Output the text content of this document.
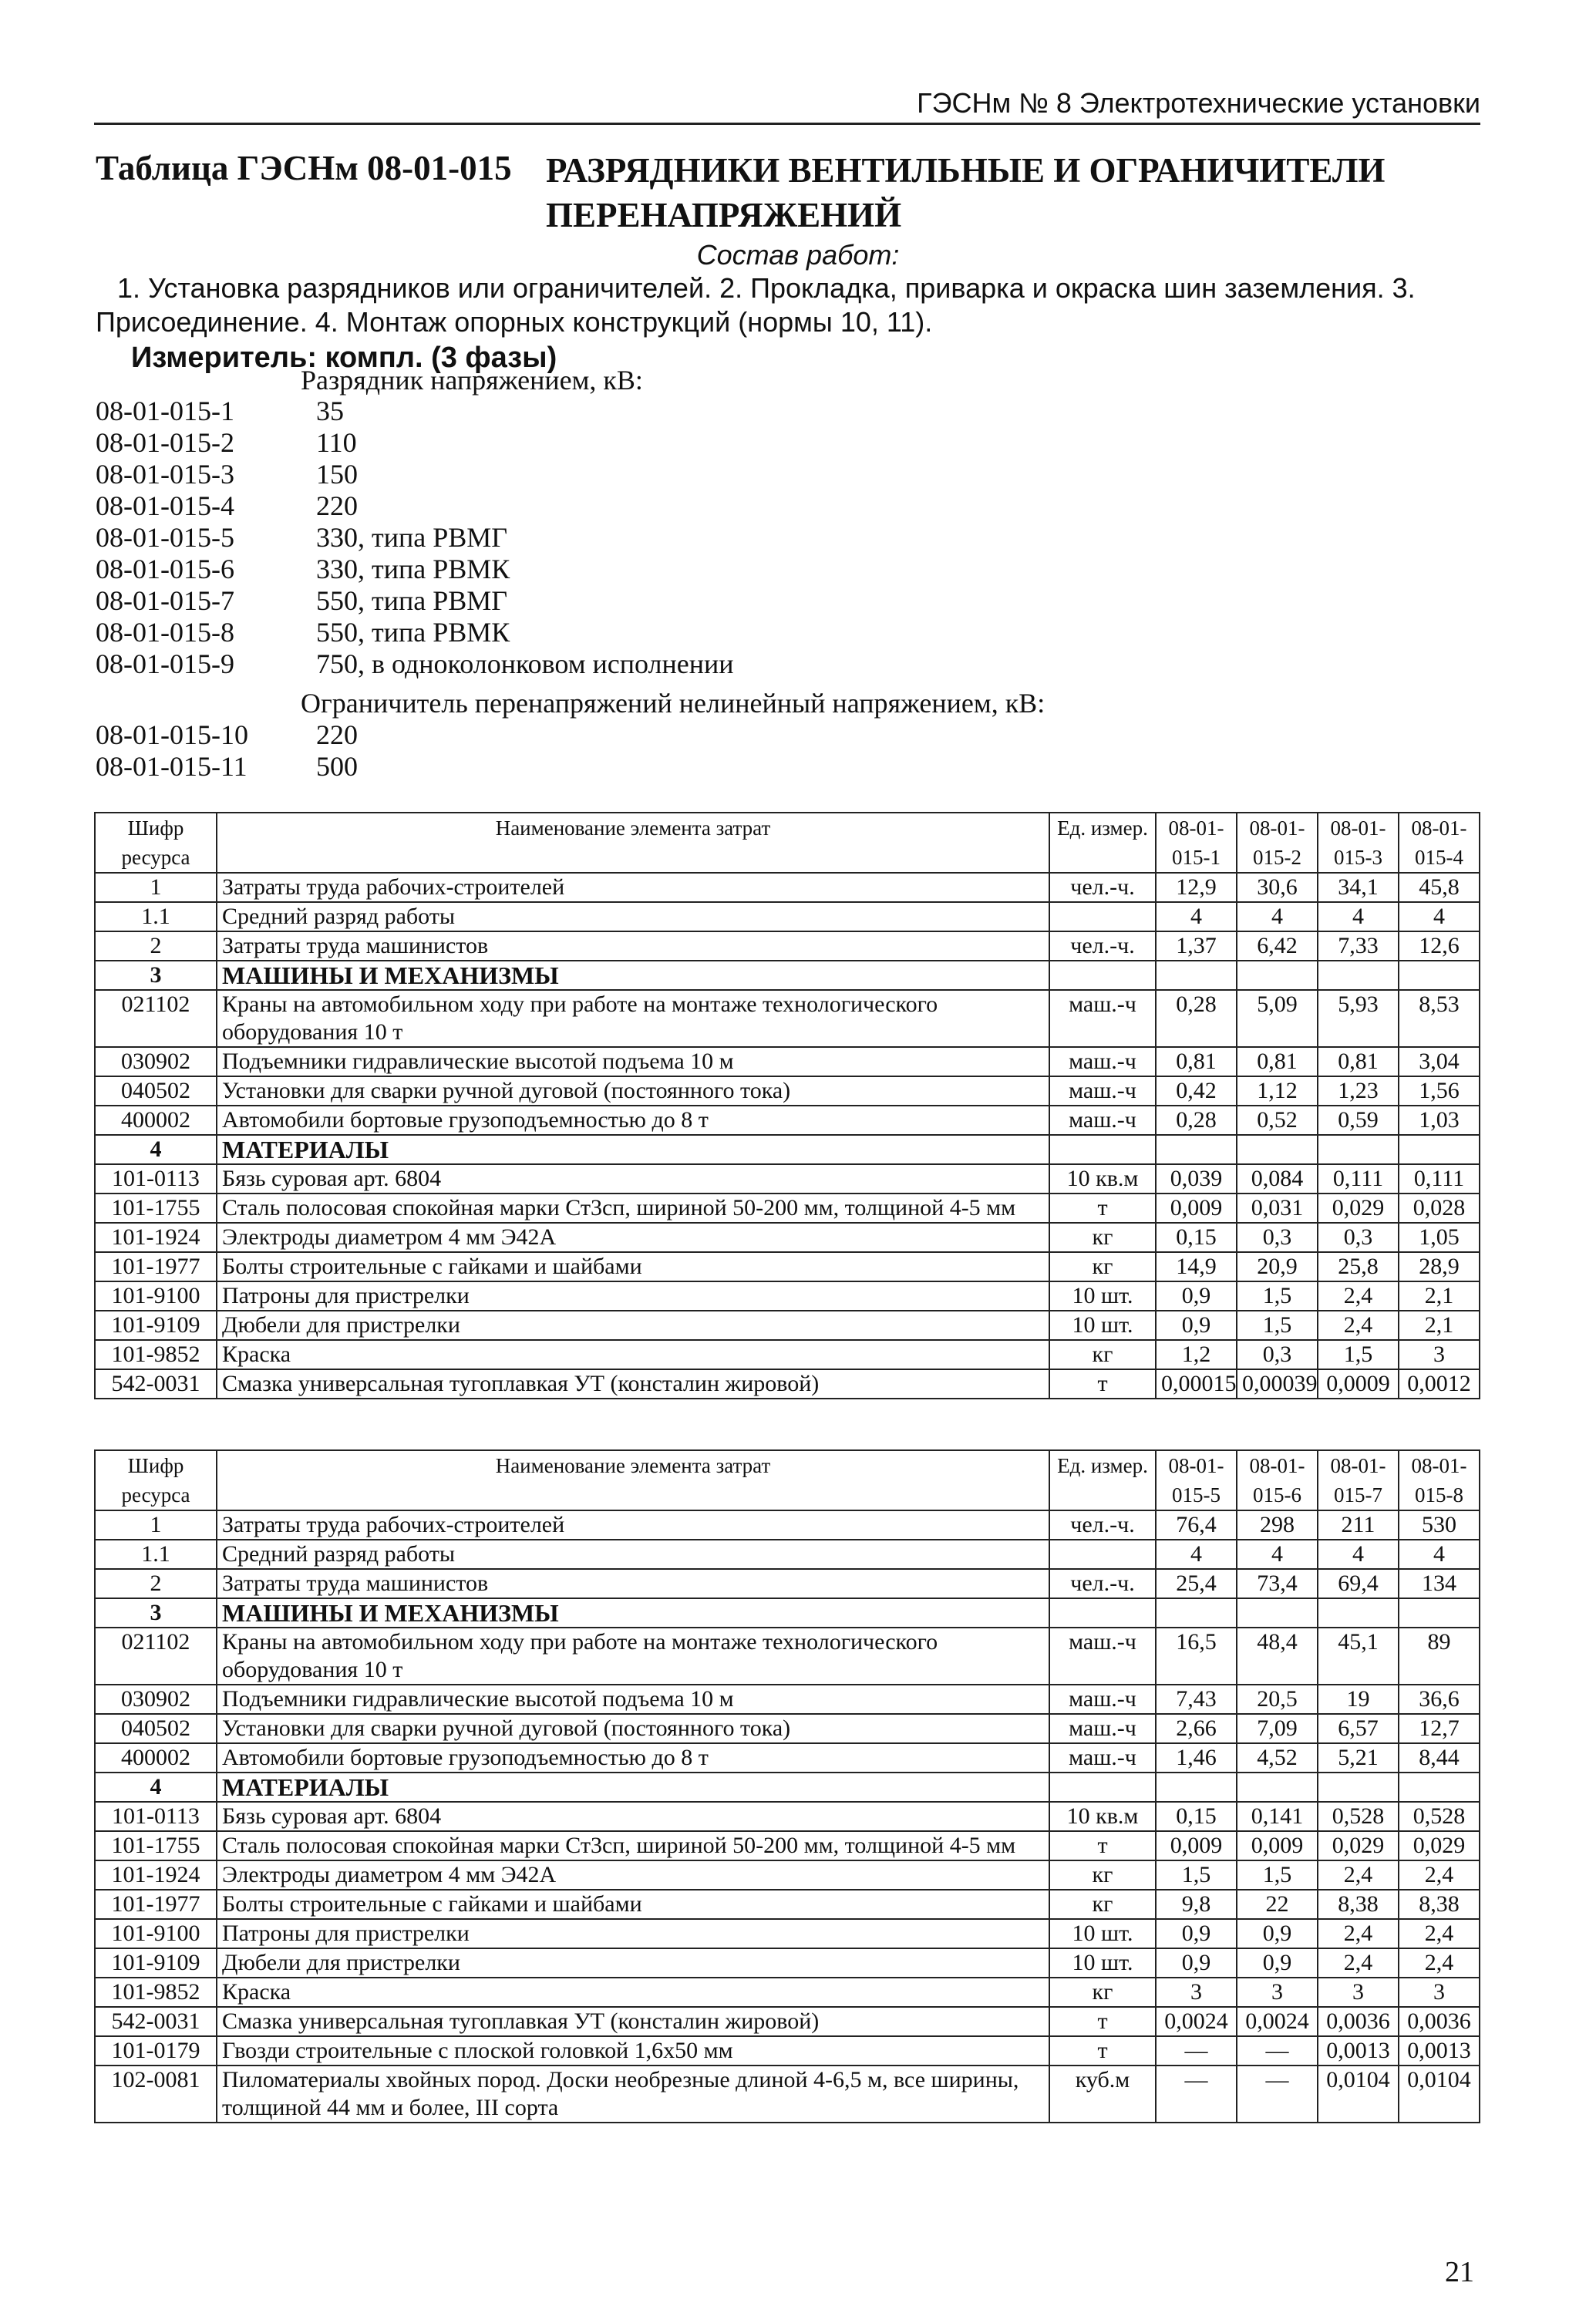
ГЭСНм № 8 Электротехнические установки
Таблица ГЭСНм 08-01-015 РАЗРЯДНИКИ ВЕНТИЛЬНЫЕ И ОГРАНИЧИТЕЛИ ПЕРЕНАПРЯЖЕНИЙ
Состав работ:
1. Установка разрядников или ограничителей. 2. Прокладка, приварка и окраска шин заземления. 3. Присоединение. 4. Монтаж опорных конструкций (нормы 10, 11).
Измеритель: компл. (3 фазы)
Разрядник напряжением, кВ:
08-01-015-1	35
08-01-015-2	110
08-01-015-3	150
08-01-015-4	220
08-01-015-5	330, типа РВМГ
08-01-015-6	330, типа РВМК
08-01-015-7	550, типа РВМГ
08-01-015-8	550, типа РВМК
08-01-015-9	750, в одноколонковом исполнении
Ограничитель перенапряжений нелинейный напряжением, кВ:
08-01-015-10 220
08-01-015-11 500
Шифр ресурса	Наименование элемента затрат	Ед. измер.	08-01-015-1	08-01-015-2	08-01-015-3	08-01-015-4
1	Затраты труда рабочих-строителей	чел.-ч.	12,9	30,6	34,1	45,8
1.1	Средний разряд работы		4	4	4	4
2	Затраты труда машинистов	чел.-ч.	1,37	6,42	7,33	12,6
3	МАШИНЫ И МЕХАНИЗМЫ					
021102	Краны на автомобильном ходу при работе на монтаже технологического оборудования 10 т	маш.-ч	0,28	5,09	5,93	8,53
030902	Подъемники гидравлические высотой подъема 10 м	маш.-ч	0,81	0,81	0,81	3,04
040502	Установки для сварки ручной дуговой (постоянного тока)	маш.-ч	0,42	1,12	1,23	1,56
400002	Автомобили бортовые грузоподъемностью до 8 т	маш.-ч	0,28	0,52	0,59	1,03
4	МАТЕРИАЛЫ					
101-0113	Бязь суровая арт. 6804	10 кв.м	0,039	0,084	0,111	0,111
101-1755	Сталь полосовая спокойная марки Ст3сп, шириной 50-200 мм, толщиной 4-5 мм	т	0,009	0,031	0,029	0,028
101-1924	Электроды диаметром 4 мм Э42А	кг	0,15	0,3	0,3	1,05
101-1977	Болты строительные с гайками и шайбами	кг	14,9	20,9	25,8	28,9
101-9100	Патроны для пристрелки	10 шт.	0,9	1,5	2,4	2,1
101-9109	Дюбели для пристрелки	10 шт.	0,9	1,5	2,4	2,1
101-9852	Краска	кг	1,2	0,3	1,5	3
542-0031	Смазка универсальная тугоплавкая УТ (консталин жировой)	т	0,00015	0,00039	0,0009	0,0012
Шифр ресурса	Наименование элемента затрат	Ед. измер.	08-01-015-5	08-01-015-6	08-01-015-7	08-01-015-8
1	Затраты труда рабочих-строителей	чел.-ч.	76,4	298	211	530
1.1	Средний разряд работы		4	4	4	4
2	Затраты труда машинистов	чел.-ч.	25,4	73,4	69,4	134
3	МАШИНЫ И МЕХАНИЗМЫ					
021102	Краны на автомобильном ходу при работе на монтаже технологического оборудования 10 т	маш.-ч	16,5	48,4	45,1	89
030902	Подъемники гидравлические высотой подъема 10 м	маш.-ч	7,43	20,5	19	36,6
040502	Установки для сварки ручной дуговой (постоянного тока)	маш.-ч	2,66	7,09	6,57	12,7
400002	Автомобили бортовые грузоподъемностью до 8 т	маш.-ч	1,46	4,52	5,21	8,44
4	МАТЕРИАЛЫ					
101-0113	Бязь суровая арт. 6804	10 кв.м	0,15	0,141	0,528	0,528
101-1755	Сталь полосовая спокойная марки Ст3сп, шириной 50-200 мм, толщиной 4-5 мм	т	0,009	0,009	0,029	0,029
101-1924	Электроды диаметром 4 мм Э42А	кг	1,5	1,5	2,4	2,4
101-1977	Болты строительные с гайками и шайбами	кг	9,8	22	8,38	8,38
101-9100	Патроны для пристрелки	10 шт.	0,9	0,9	2,4	2,4
101-9109	Дюбели для пристрелки	10 шт.	0,9	0,9	2,4	2,4
101-9852	Краска	кг	3	3	3	3
542-0031	Смазка универсальная тугоплавкая УТ (консталин жировой)	т	0,0024	0,0024	0,0036	0,0036
101-0179	Гвозди строительные с плоской головкой 1,6х50 мм	т	—	—	0,0013	0,0013
102-0081	Пиломатериалы хвойных пород. Доски необрезные длиной 4-6,5 м, все ширины, толщиной 44 мм и более, III сорта	куб.м	—	—	0,0104	0,0104
21
